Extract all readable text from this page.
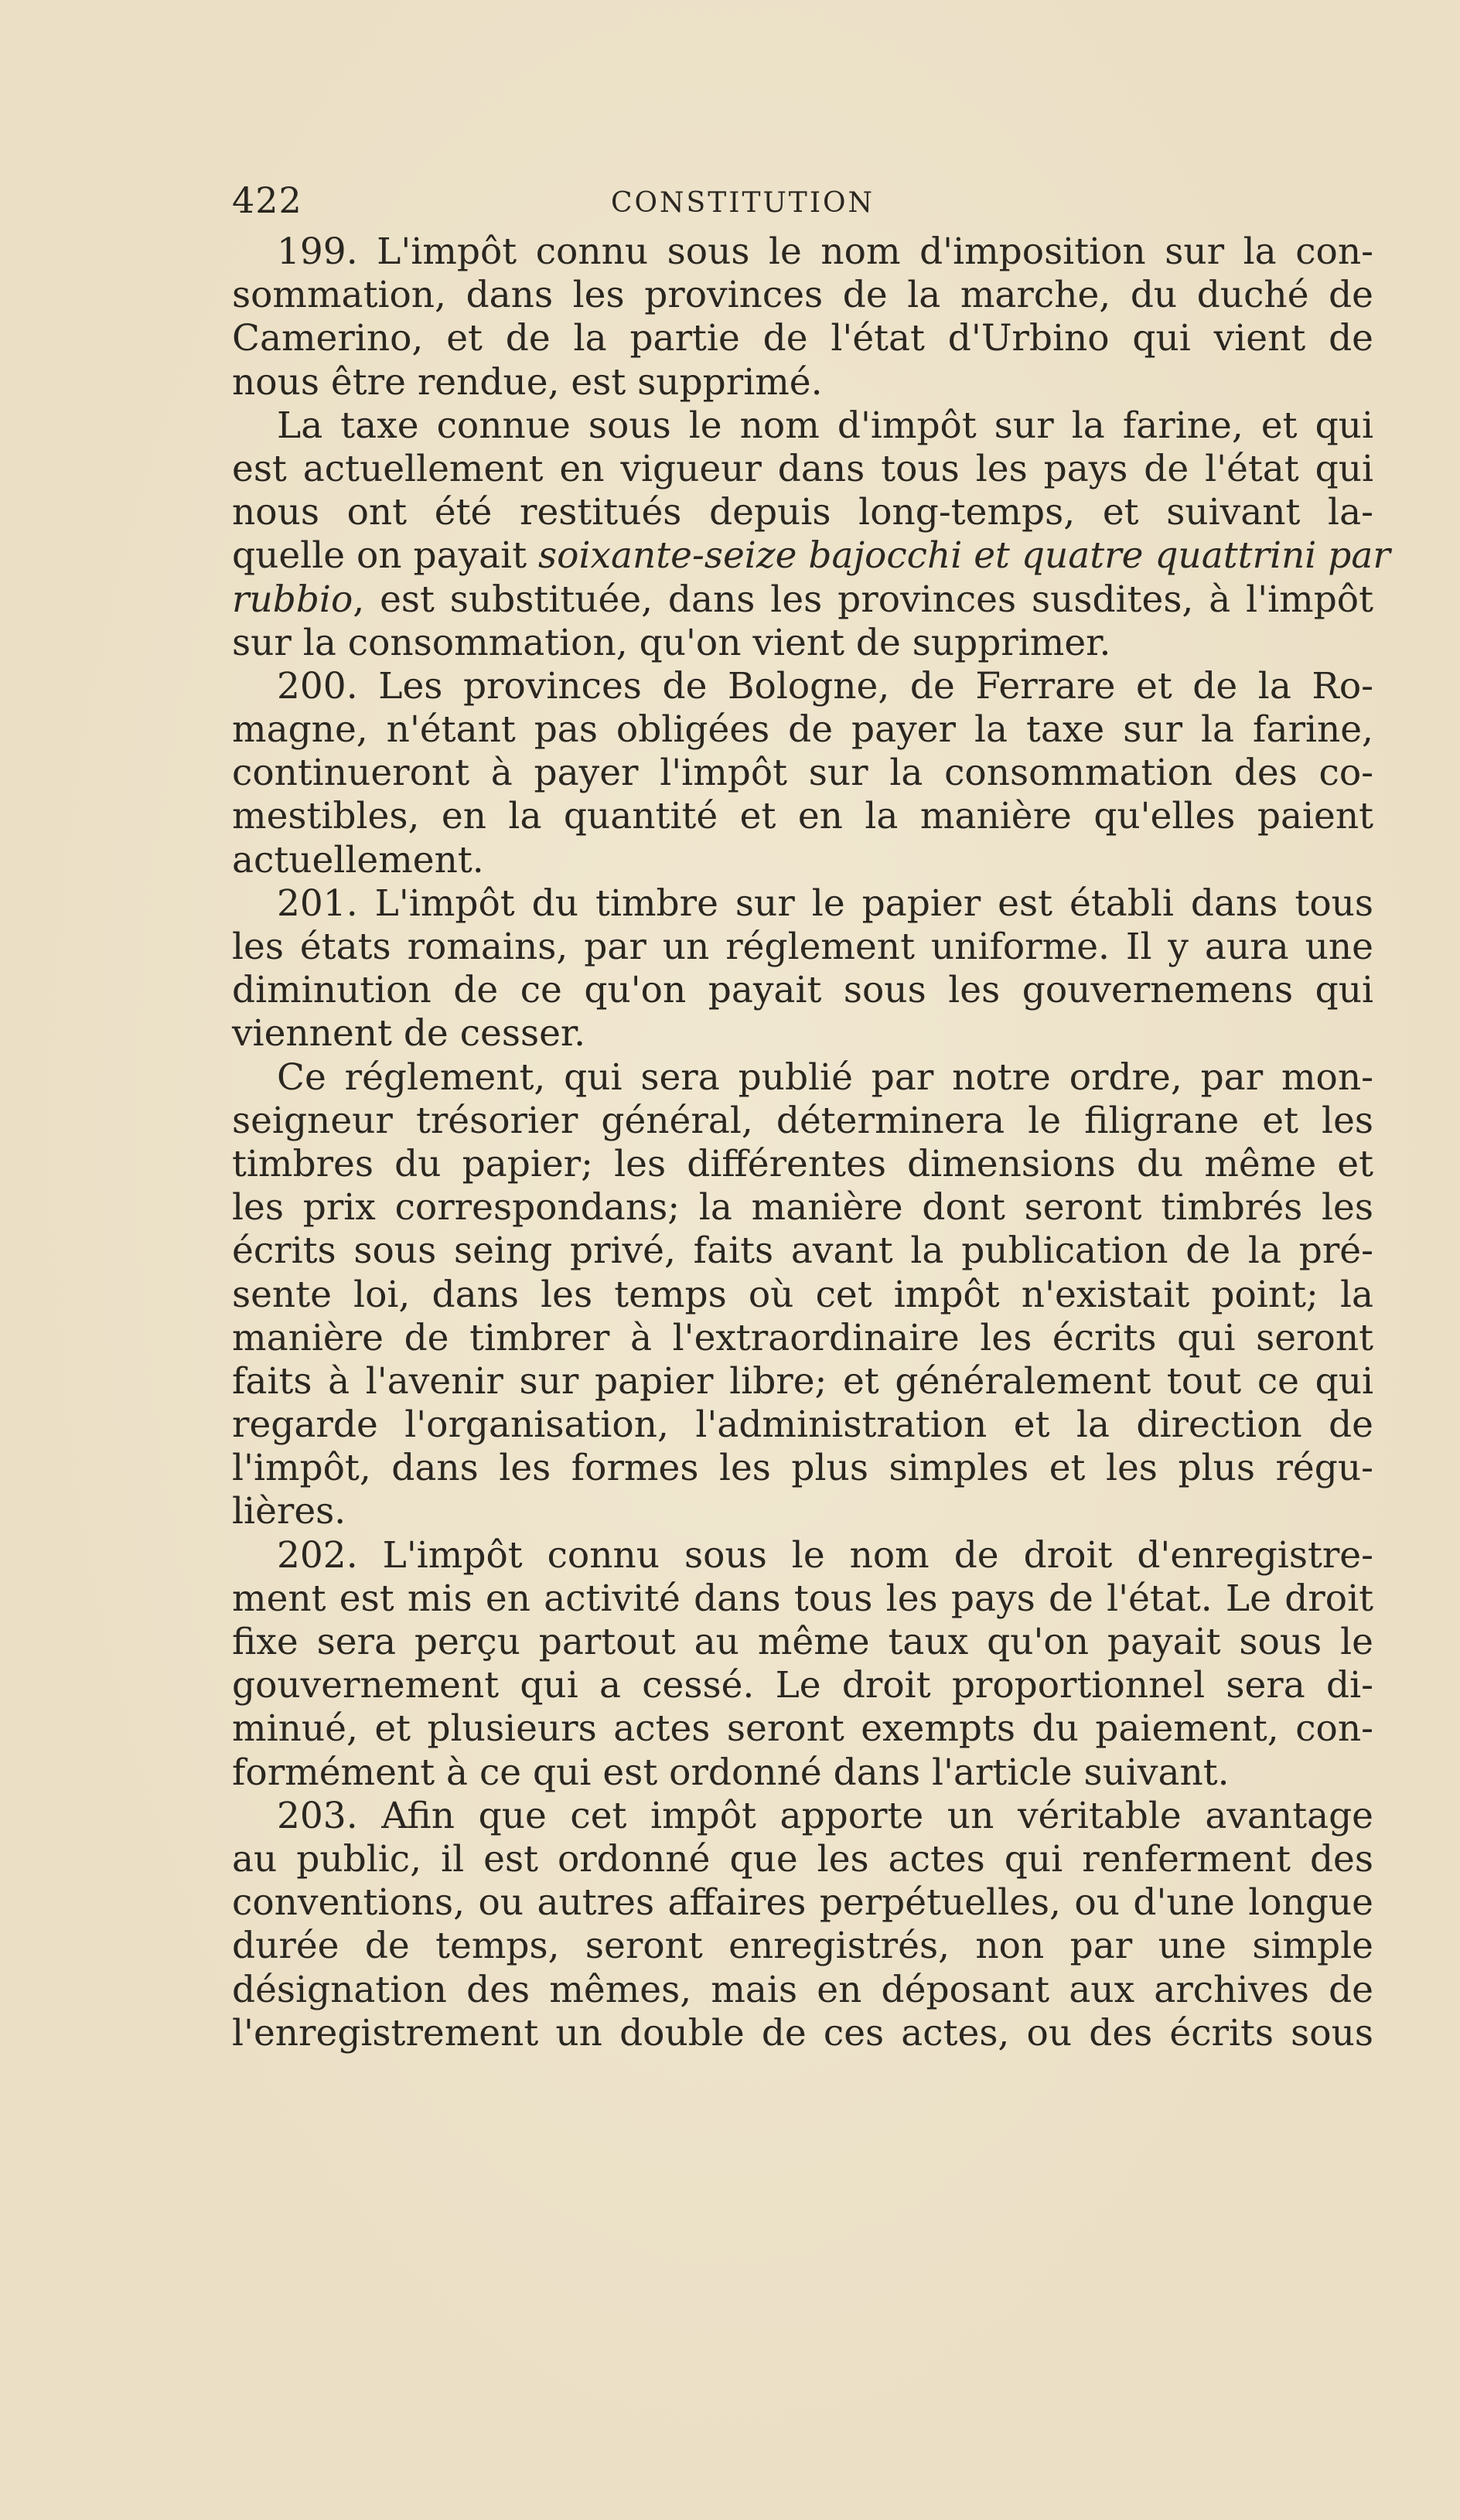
422	CONSTITUTION
199. L'impôt connu sous le nom d'imposition sur la con-
sommation, dans les provinces de la marche, du duché de
Camerino, et de la partie de l'état d'Urbino qui vient de
nous être rendue, est supprimé.
La taxe connue sous le nom d'impôt sur la farine, et qui
est actuellement en vigueur dans tous les pays de l'état qui
nous ont été restitués depuis long-temps, et suivant la-
quelle on payait soixante-seize bajocchi et quatre quattrini par
rubbio, est substituée, dans les provinces susdites, à l'impôt
sur la consommation, qu'on vient de supprimer.
200. Les provinces de Bologne, de Ferrare et de la Ro-
magne, n'étant pas obligées de payer la taxe sur la farine,
continueront à payer l'impôt sur la consommation des co-
mestibles, en la quantité et en la manière qu'elles paient
actuellement.
201. L'impôt du timbre sur le papier est établi dans tous
les états romains, par un réglement uniforme. Il y aura une
diminution de ce qu'on payait sous les gouvernemens qui
viennent de cesser.
Ce réglement, qui sera publié par notre ordre, par mon-
seigneur trésorier général, déterminera le filigrane et les
timbres du papier; les différentes dimensions du même et
les prix correspondans; la manière dont seront timbrés les
écrits sous seing privé, faits avant la publication de la pré-
sente loi, dans les temps où cet impôt n'existait point; la
manière de timbrer à l'extraordinaire les écrits qui seront
faits à l'avenir sur papier libre; et généralement tout ce qui
regarde l'organisation, l'administration et la direction de
l'impôt, dans les formes les plus simples et les plus régu-
lières.
202. L'impôt connu sous le nom de droit d'enregistre-
ment est mis en activité dans tous les pays de l'état. Le droit
fixe sera perçu partout au même taux qu'on payait sous le
gouvernement qui a cessé. Le droit proportionnel sera di-
minué, et plusieurs actes seront exempts du paiement, con-
formément à ce qui est ordonné dans l'article suivant.
203. Afin que cet impôt apporte un véritable avantage
au public, il est ordonné que les actes qui renferment des
conventions, ou autres affaires perpétuelles, ou d'une longue
durée de temps, seront enregistrés, non par une simple
désignation des mêmes, mais en déposant aux archives de
l'enregistrement un double de ces actes, ou des écrits sous
